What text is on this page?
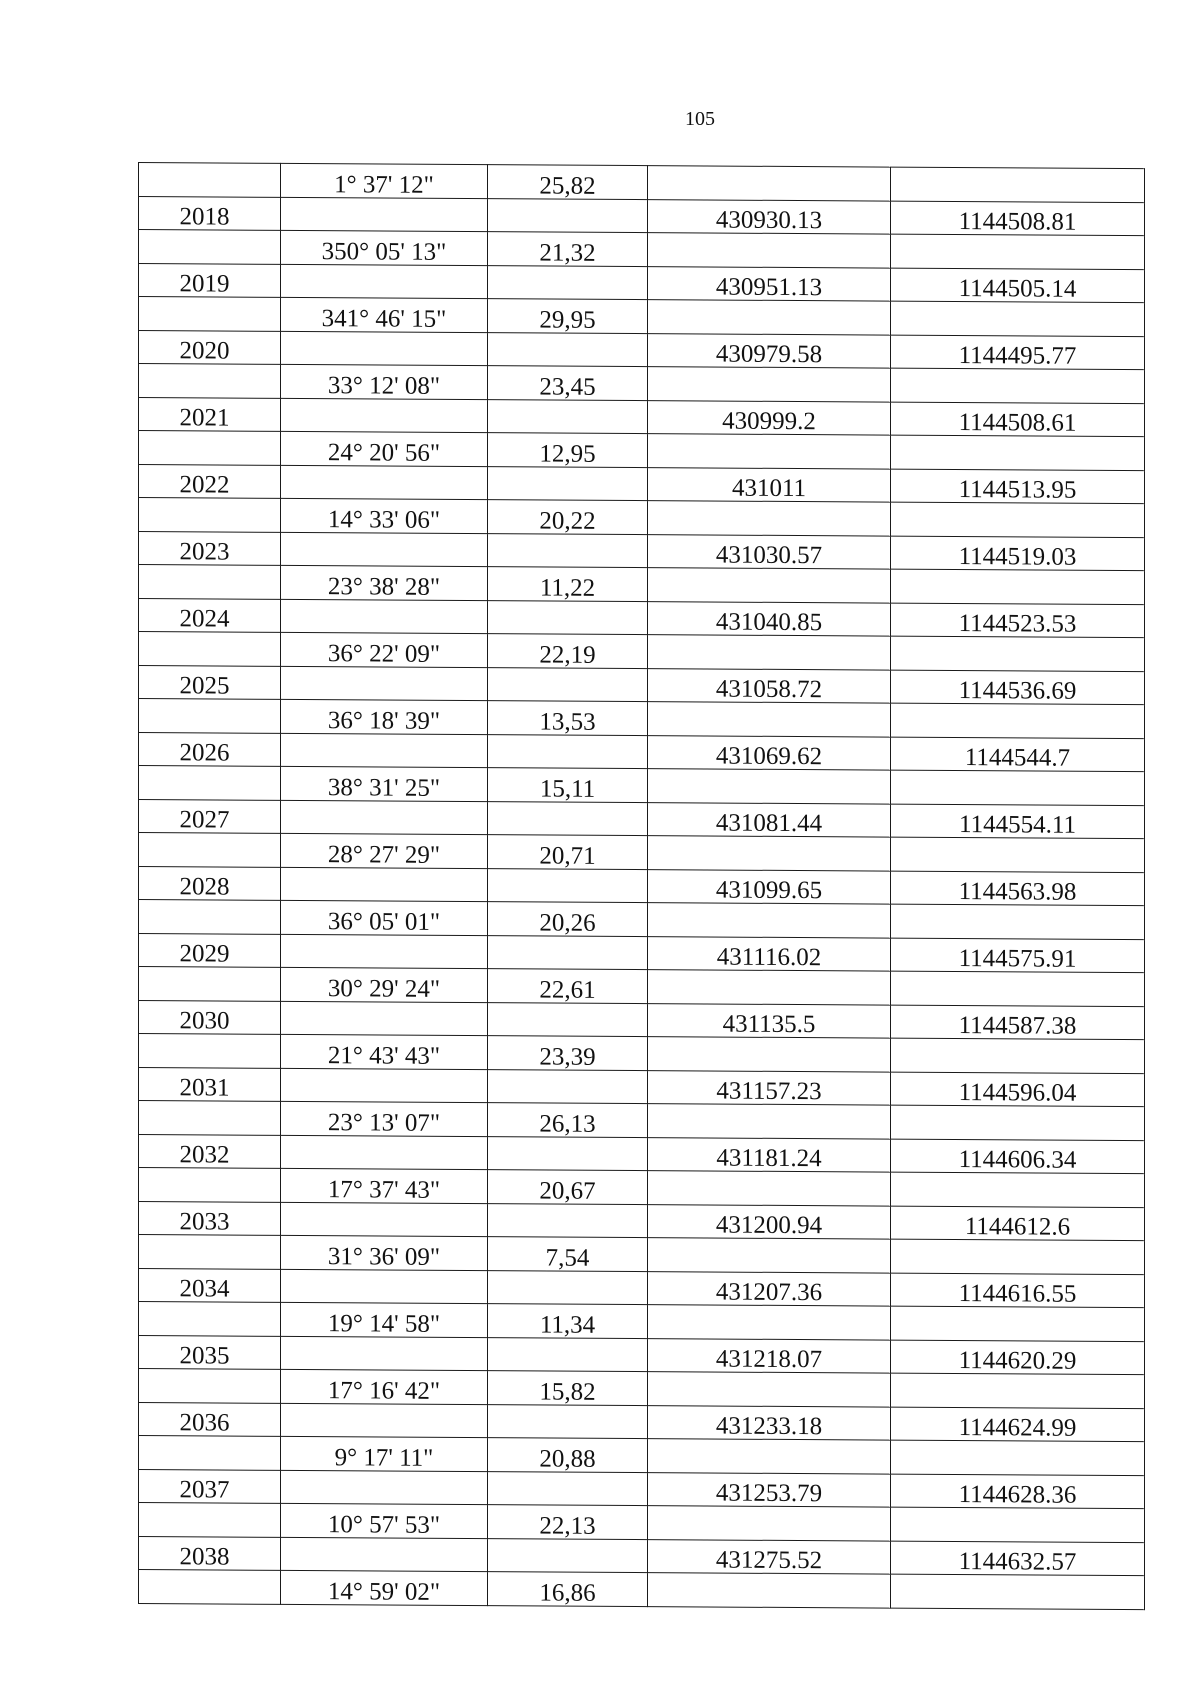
105
	1° 37' 12"	25,82		
2018			430930.13	1144508.81
	350° 05' 13"	21,32		
2019			430951.13	1144505.14
	341° 46' 15"	29,95		
2020			430979.58	1144495.77
	33° 12' 08"	23,45		
2021			430999.2	1144508.61
	24° 20' 56"	12,95		
2022			431011	1144513.95
	14° 33' 06"	20,22		
2023			431030.57	1144519.03
	23° 38' 28"	11,22		
2024			431040.85	1144523.53
	36° 22' 09"	22,19		
2025			431058.72	1144536.69
	36° 18' 39"	13,53		
2026			431069.62	1144544.7
	38° 31' 25"	15,11		
2027			431081.44	1144554.11
	28° 27' 29"	20,71		
2028			431099.65	1144563.98
	36° 05' 01"	20,26		
2029			431116.02	1144575.91
	30° 29' 24"	22,61		
2030			431135.5	1144587.38
	21° 43' 43"	23,39		
2031			431157.23	1144596.04
	23° 13' 07"	26,13		
2032			431181.24	1144606.34
	17° 37' 43"	20,67		
2033			431200.94	1144612.6
	31° 36' 09"	7,54		
2034			431207.36	1144616.55
	19° 14' 58"	11,34		
2035			431218.07	1144620.29
	17° 16' 42"	15,82		
2036			431233.18	1144624.99
	9° 17' 11"	20,88		
2037			431253.79	1144628.36
	10° 57' 53"	22,13		
2038			431275.52	1144632.57
	14° 59' 02"	16,86		
